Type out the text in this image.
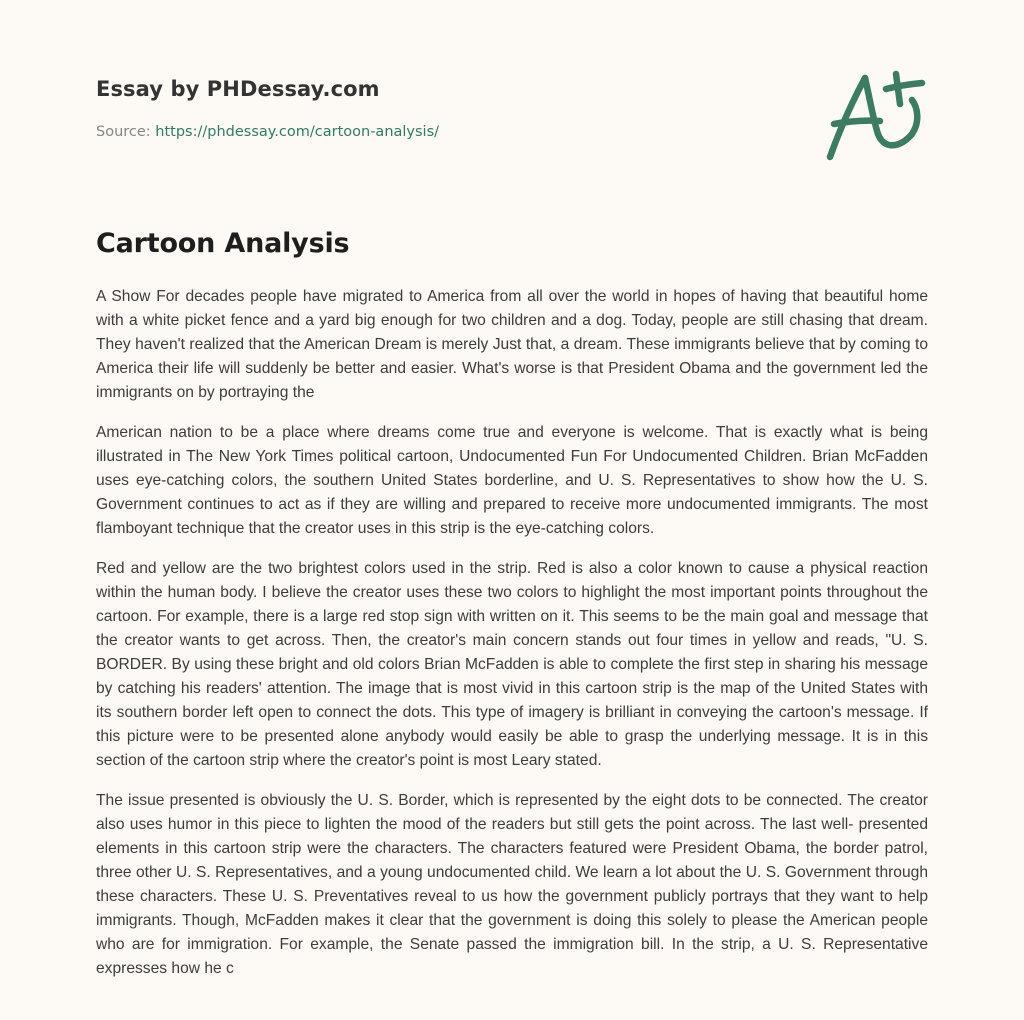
Essay by PHDessay.com
Source: https://phdessay.com/cartoon-analysis/
Cartoon Analysis

A Show For decades people have migrated to America from all over the world in hopes of having that beautiful home with a white picket fence and a yard big enough for two children and a dog. Today, people are still chasing that dream. They haven't realized that the American Dream is merely Just that, a dream. These immigrants believe that by coming to America their life will suddenly be better and easier. What's worse is that President Obama and the government led the immigrants on by portraying the

American nation to be a place where dreams come true and everyone is welcome. That is exactly what is being illustrated in The New York Times political cartoon, Undocumented Fun For Undocumented Children. Brian McFadden uses eye-catching colors, the southern United States borderline, and U. S. Representatives to show how the U. S. Government continues to act as if they are willing and prepared to receive more undocumented immigrants. The most flamboyant technique that the creator uses in this strip is the eye-catching colors.

Red and yellow are the two brightest colors used in the strip. Red is also a color known to cause a physical reaction within the human body. I believe the creator uses these two colors to highlight the most important points throughout the cartoon. For example, there is a large red stop sign with written on it. This seems to be the main goal and message that the creator wants to get across. Then, the creator's main concern stands out four times in yellow and reads, "U. S. BORDER. By using these bright and old colors Brian McFadden is able to complete the first step in sharing his message by catching his readers' attention. The image that is most vivid in this cartoon strip is the map of the United States with its southern border left open to connect the dots. This type of imagery is brilliant in conveying the cartoon's message. If this picture were to be presented alone anybody would easily be able to grasp the underlying message. It is in this section of the cartoon strip where the creator's point is most Leary stated.

The issue presented is obviously the U. S. Border, which is represented by the eight dots to be connected. The creator also uses humor in this piece to lighten the mood of the readers but still gets the point across. The last well- presented elements in this cartoon strip were the characters. The characters featured were President Obama, the border patrol, three other U. S. Representatives, and a young undocumented child. We learn a lot about the U. S. Government through these characters. These U. S. Preventatives reveal to us how the government publicly portrays that they want to help immigrants. Though, McFadden makes it clear that the government is doing this solely to please the American people who are for immigration. For example, the Senate passed the immigration bill. In the strip, a U. S. Representative expresses how he c
